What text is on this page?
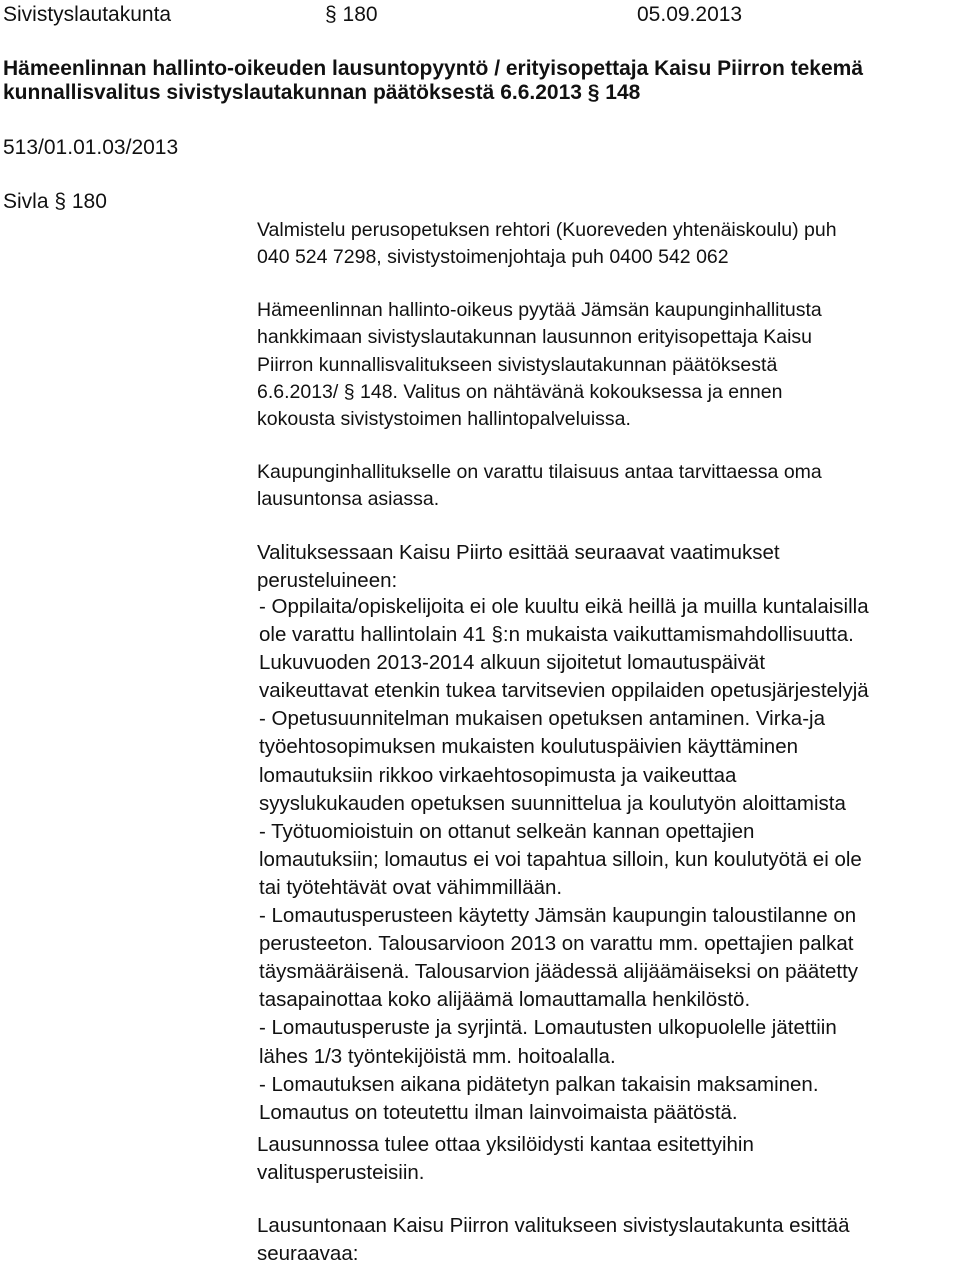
Sivistyslautakunta	§ 180	05.09.2013
Hämeenlinnan hallinto-oikeuden lausuntopyyntö / erityisopettaja Kaisu Piirron tekemä
kunnallisvalitus sivistyslautakunnan päätöksestä 6.6.2013 § 148
513/01.01.03/2013
Sivla § 180
Valmistelu perusopetuksen rehtori (Kuoreveden yhtenäiskoulu) puh
040 524 7298, sivistystoimenjohtaja puh 0400 542 062
Hämeenlinnan hallinto-oikeus pyytää Jämsän kaupunginhallitusta
hankkimaan sivistyslautakunnan lausunnon erityisopettaja Kaisu
Piirron kunnallisvalitukseen sivistyslautakunnan päätöksestä
6.6.2013/ § 148. Valitus on nähtävänä kokouksessa ja ennen
kokousta sivistystoimen hallintopalveluissa.
Kaupunginhallitukselle on varattu tilaisuus antaa tarvittaessa oma
lausuntonsa asiassa.
Valituksessaan Kaisu Piirto esittää seuraavat vaatimukset
perusteluineen:
- Oppilaita/opiskelijoita ei ole kuultu eikä heillä ja muilla kuntalaisilla
ole varattu hallintolain 41 §:n mukaista vaikuttamismahdollisuutta.
Lukuvuoden 2013-2014 alkuun sijoitetut lomautuspäivät
vaikeuttavat etenkin tukea tarvitsevien oppilaiden opetusjärjestelyjä
- Opetusuunnitelman mukaisen opetuksen antaminen. Virka-ja
työehtosopimuksen mukaisten koulutuspäivien käyttäminen
lomautuksiin rikkoo virkaehtosopimusta ja vaikeuttaa
syyslukukauden opetuksen suunnittelua ja koulutyön aloittamista
- Työtuomioistuin on ottanut selkeän kannan opettajien
lomautuksiin; lomautus ei voi tapahtua silloin, kun koulutyötä ei ole
tai työtehtävät ovat vähimmillään.
- Lomautusperusteen käytetty Jämsän kaupungin taloustilanne on
perusteeton. Talousarvioon 2013 on varattu mm. opettajien palkat
täysmääräisenä. Talousarvion jäädessä alijäämäiseksi on päätetty
tasapainottaa koko alijäämä lomauttamalla henkilöstö.
- Lomautusperuste ja syrjintä. Lomautusten ulkopuolelle jätettiin
lähes 1/3 työntekijöistä mm. hoitoalalla.
- Lomautuksen aikana pidätetyn palkan takaisin maksaminen.
Lomautus on toteutettu ilman lainvoimaista päätöstä.
Lausunnossa tulee ottaa yksilöidysti kantaa esitettyihin
valitusperusteisiin.
Lausuntonaan Kaisu Piirron valitukseen sivistyslautakunta esittää
seuraavaa:
